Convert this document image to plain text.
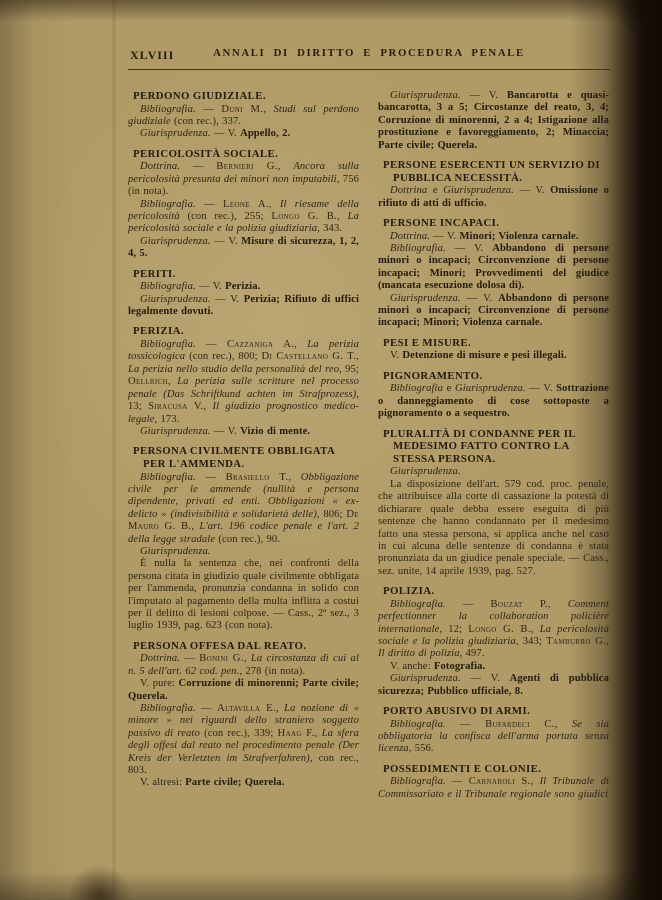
XLVIII	ANNALI DI DIRITTO E PROCEDURA PENALE
PERDONO GIUDIZIALE.

Bibliografia. — Duni M., Studi sul perdono giudiziale (con rec.), 337.

Giurisprudenza. — V. Appello, 2.

PERICOLOSITÀ SOCIALE.

Dottrina. — Bernieri G., Ancora sulla pericolosità presunta dei minori non imputabili, 756 (in nota).

Bibliografia. — Leone A., Il riesame della pericolosità (con rec.), 255; Longo G. B., La pericolosità sociale e la polizia giudiziaria, 343.

Giurisprudenza. — V. Misure di sicurezza, 1, 2, 4, 5.

PERITI.

Bibliografia. — V. Perizia.

Giurisprudenza. — V. Perizia; Rifiuto di uffici legalmente dovuti.

PERIZIA.

Bibliografia. — Cazzaniga A., La perizia tossicologica (con rec.), 800; Di Castellano G. T., La perizia nello studio della personalità del reo, 95; Oellrich, La perizia sulle scritture nel processo penale (Das Schriftkund achten im Strafprozess), 13; Siracusa V., Il giudizio prognostico medico-legale, 173.

Giurisprudenza. — V. Vizio di mente.

PERSONA CIVILMENTE OBBLIGATA PER L'AMMENDA.

Bibliografia. — Brasiello T., Obbligazione civile per le ammende (nullità e persona dipendente, privati ed enti. Obbligazioni « ex-delicto » (indivisibilità e solidarietà delle), 806; De Mauro G. B., L'art. 196 codice penale e l'art. 2 della legge stradale (con rec.), 90.

Giurisprudenza.

È nulla la sentenza che, nei confronti della persona citata in giudizio quale civilmente obbligata per l'ammenda, pronunzia condanna in solido con l'imputato al pagamento della multa inflitta a costui per il delitto di lesioni colpose. — Cass., 2ª sez., 3 luglio 1939, pag. 623 (con nota).

PERSONA OFFESA DAL REATO.

Dottrina. — Bonini G., La circostanza di cui al n. 5 dell'art. 62 cod. pen., 278 (in nota).

V. pure: Corruzione di minorenni; Parte civile; Querela.

Bibliografia. — Altavilla E., La nozione di « minore » nei riguardi dello straniero soggetto passivo di reato (con rec.), 339; Haag F., La sfera degli offesi dal reato nel procedimento penale (Der Kreis der Verletzten im Strafverfahren), con rec., 803.

V. altresì: Parte civile; Querela.

Giurisprudenza. — V. Bancarotta e quasi-bancarotta, 3 a 5; Circostanze del reato, 3, 4; Corruzione di minorenni, 2 a 4; Istigazione alla prostituzione e favoreggiamento, 2; Minaccia; Parte civile; Querela.

PERSONE ESERCENTI UN SERVIZIO DI PUBBLICA NECESSITÀ.

Dottrina e Giurisprudenza. — V. Omissione o rifiuto di atti di ufficio.

PERSONE INCAPACI.

Dottrina. — V. Minori; Violenza carnale.

Bibliografia. — V. Abbandono di persone minori o incapaci; Circonvenzione di persone incapaci; Minori; Provvedimenti del giudice (mancata esecuzione dolosa di).

Giurisprudenza. — V. Abbandono di persone minori o incapaci; Circonvenzione di persone incapaci; Minori; Violenza carnale.

PESI E MISURE.

V. Detenzione di misure e pesi illegali.

PIGNORAMENTO.

Bibliografia e Giurisprudenza. — V. Sottrazione o danneggiamento di cose sottoposte a pignoramento o a sequestro.

PLURALITÀ DI CONDANNE PER IL MEDESIMO FATTO CONTRO LA STESSA PERSONA.

Giurisprudenza.

La disposizione dell'art. 579 cod. proc. penale, che attribuisce alla corte di cassazione la potestà di dichiarare quale debba essere eseguita di più sentenze che hanno condannato per il medesimo fatto una stessa persona, si applica anche nel caso in cui alcuna delle sentenze di condanna è stata pronunziata da un giudice penale speciale. — Cass., sez. unite, 14 aprile 1939, pag. 527.

POLIZIA.

Bibliografia. — Bouzat P., Comment perfectionner la collaboration policière internationale, 12; Longo G. B., La pericolosità sociale e la polizia giudiziaria, 343; Tamburro G., Il diritto di polizia, 497.

V. anche: Fotografia.

Giurisprudenza. — V. Agenti di pubblica sicurezza; Pubblico ufficiale, 8.

PORTO ABUSIVO DI ARMI.

Bibliografia. — Bufardeci C., Se sia obbligatoria la confisca dell'arma portata senza licenza, 556.

POSSEDIMENTI E COLONIE.

Bibliografia. — Carnaroli S., Il Tribunale di Commissariato e il Tribunale regionale sono giudici
